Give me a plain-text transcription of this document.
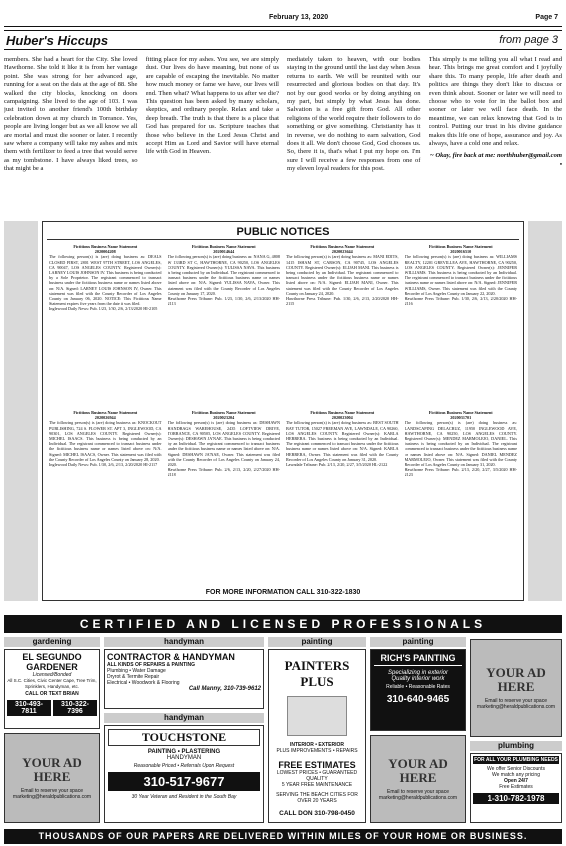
February 13, 2020	Page 7
Huber's Hiccups	from page 3
members. She had a heart for the City. She loved Hawthorne. She told it like it is from her vantage point. She was strong for her advanced age, running for a seat on the dais at the age of 88. She walked the city blocks, knocking on doors campaigning. She lived to the age of 103. I was just invited to another friend's 100th birthday celebration down at my church in Torrance. Yes, people are living longer but as we all know we all are mortal and must die sooner or later. I recently saw where a company will take my ashes and mix them with fertilizer to feed a tree that would serve as my tombstone. I have always liked trees, so that might be a
fitting place for my ashes. You see, we are simply dust. Our lives do have meaning, but none of us are capable of escaping the inevitable. No matter how much money or fame we have, our lives will end. Then what? What happens to us after we die? This question has been asked by many scholars, skeptics, and ordinary people. Relax and take a deep breath. The truth is that there is a place that God has prepared for us. Scripture teaches that those who believe in the Lord Jesus Christ and accept Him as Lord and Savior will have eternal life with God in Heaven.
mediately taken to heaven, with our bodies staying in the ground until the last day when Jesus returns to earth. We will be reunited with our resurrected and glorious bodies on that day. It's not by our good works or by doing anything on my part, but simply by what Jesus has done. Salvation is a free gift from God. All other religions of the world require their followers to do something or give something. Christianity has it in reverse, we do nothing to earn salvation, God does it all. We don't choose God, God chooses us. So, there it is, that's what I put my hope on. I'm sure I will receive a few responses from one of my eleven loyal readers for this post.
This simply is me telling you all what I read and hear. This brings me great comfort and I joyfully share this. To many people, life after death and politics are things they don't like to discuss or even think about. Sooner or later we will need to choose who to vote for in the ballot box and sooner or later we will face death. In the meantime, we can relax knowing that God is in control. Putting our trust in his divine guidance makes this life one of hope, assurance and joy. As always, have a cold one and relax.
~ Okay, fire back at me: northhuber@gmail.com •
PUBLIC NOTICES
Fictitious Business Name Statement
2020004208
The following person(s) is (are) doing business as: DEALS CLOSED FIRST, 2801 WEST 97TH STREET, LOS ANGELES, CA 90047, LOS ANGELES COUNTY. Registered Owner(s): LARNEY LOUIS JOHNSON IV. This business is being conducted by a Sole Proprietor. The registrant commenced to transact business under the fictitious business name or names listed above on: N/A. Signed: LARNEY LOUIS JOHNSON IV, Owner. This statement was filed with the County Recorder of Los Angeles County on January 06, 2020. NOTICE: This Fictitious Name Statement expires five years from the date it was filed.
Inglewood Daily News: Pub. 1/23, 1/30, 2/6, 2/13/2020 HI-2105
Fictitious Business Name Statement
2020014644
The following person(s) is (are) doing business as: NANA G, 4808 W 133RD ST C, HAWTHORNE, CA 90250, LOS ANGELES COUNTY. Registered Owner(s): YULISSA NAVA. This business is being conducted by an Individual. The registrant commenced to transact business under the fictitious business name or names listed above on: N/A. Signed: YULISSA NAVA, Owner. This statement was filed with the County Recorder of Los Angeles County on January 17, 2020.
Hawthorne Press Tribune: Pub. 1/23, 1/30, 2/6, 2/13/2020 HH-2113
Fictitious Business Name Statement
2020023644
The following person(s) is (are) doing business as: MANI EDITS, 1415 ISHAM ST, CARSON, CA 90745, LOS ANGELES COUNTY. Registered Owner(s): ELIJAH MANI. This business is being conducted by an Individual. The registrant commenced to transact business under the fictitious business name or names listed above on: N/A. Signed: ELIJAH MANI, Owner. This statement was filed with the County Recorder of Los Angeles County on January 24, 2020.
Hawthorne Press Tribune: Pub. 1/30, 2/6, 2/13, 2/20/2020 HH-2115
Fictitious Business Name Statement
2020016510
The following person(s) is (are) doing business as: WILLIAMS REALTY, 12201 GREVILLEA AVE, HAWTHORNE, CA 90250, LOS ANGELES COUNTY. Registered Owner(s): JENNIFER WILLIAMS. This business is being conducted by an Individual. The registrant commenced to transact business under the fictitious business name or names listed above on: N/A. Signed: JENNIFER WILLIAMS, Owner. This statement was filed with the County Recorder of Los Angeles County on January 22, 2020.
Hawthorne Press Tribune: Pub. 1/30, 2/6, 2/13, 2/20/2020 HH-2116
Fictitious Business Name Statement
2020026944
The following person(s) is (are) doing business as: KNOCKOUT PUBLISHING, 724 S. FLOWER ST. APT 3, INGLEWOOD, CA 90301, LOS ANGELES COUNTY. Registered Owner(s): MICHEL ISAACS. This business is being conducted by an Individual. The registrant commenced to transact business under the fictitious business name or names listed above on: N/A. Signed: MICHEL ISAACS, Owner. This statement was filed with the County Recorder of Los Angeles County on January 28, 2020.
Inglewood Daily News: Pub. 1/30, 2/6, 2/13, 2/20/2020 HI-2117
Fictitious Business Name Statement
2020023204
The following person(s) is (are) doing business as: DESHAWN HANDBAGS WAREHOUSE, 2435 LOFTVIEW DRIVE, TORRANCE, CA 90505, LOS ANGELES COUNTY. Registered Owner(s): DESHAWN JA'NAE. This business is being conducted by an Individual. The registrant commenced to transact business under the fictitious business name or names listed above on: N/A. Signed: DESHAWN JA'NAE, Owner. This statement was filed with the County Recorder of Los Angeles County on January 24, 2020.
Hawthorne Press Tribune: Pub. 2/6, 2/13, 2/20, 2/27/2020 HH-2118
Fictitious Business Name Statement
2020023004
The following person(s) is (are) doing business as: BEST SOUTH BAY TUTOR, 15027 FREEMAN AVE, LAWNDALE, CA 90260, LOS ANGELES COUNTY. Registered Owner(s): KARLA HERRERA. This business is being conducted by an Individual. The registrant commenced to transact business under the fictitious business name or names listed above on: N/A. Signed: KARLA HERRERA, Owner. This statement was filed with the County Recorder of Los Angeles County on January 31, 2020.
Lawndale Tribune: Pub. 2/13, 2/20, 2/27, 3/5/2020 HL-2122
Fictitious Business Name Statement
2020031701
The following person(s) is (are) doing business as: LANDSCAPING DELACRUZ, 11950 INGLEWOOD AVE, HAWTHORNE, CA 90250, LOS ANGELES COUNTY. Registered Owner(s): MENDEZ MARMOLEJO, DANIEL. This business is being conducted by an Individual. The registrant commenced to transact business under the fictitious business name or names listed above on: N/A. Signed: DANIEL MENDEZ MARMOLEJO, Owner. This statement was filed with the County Recorder of Los Angeles County on January 31, 2020.
Hawthorne Press Tribune: Pub. 2/13, 2/20, 2/27, 3/5/2020 HH-2123
FOR MORE INFORMATION CALL 310-322-1830
CERTIFIED AND LICENSED PROFESSIONALS
gardening	handyman	painting	painting
EL SEGUNDO GARDENER
Licensed/Bonded
All S.C. Cities, Civic Center Cape, Tree Trim, Sprinklers, Handyman, etc.
CALL OR TEXT BRIAN
310-493-7811
310-322-7396
CONTRACTOR & HANDYMAN
ALL KINDS OF REPAIRS & PAINTING
Plumbing • Water Damage
Dryrot & Termite Repair
Electrical • Woodwork & Flooring
Call Manny, 310-739-9612
PAINTERS PLUS
INTERIOR • EXTERIOR
PLUS IMPROVEMENTS • REPAIRS
FREE ESTIMATES
LOWEST PRICES • GUARANTEED QUALITY
5 YEAR FREE MAINTENANCE
SERVING THE BEACH CITIES FOR OVER 20 YEARS
CALL DON 310-798-0450
RICH'S PAINTING
Specializing in exterior
Quality interior work
Reliable • Reasonable Rates
310-640-9465
YOUR AD HERE
Email to reserve your space marketing@heraldpublications.com
YOUR AD HERE
Email to reserve your space marketing@heraldpublications.com
handyman
TOUCHSTONE
PAINTING • PLASTERING
HANDYMAN
Reasonable Priced • Referrals Upon Request
310-517-9677
30 Year Veteran and Resident in the South Bay
YOUR AD HERE
Email to reserve your space marketing@heraldpublications.com
plumbing
FOR ALL YOUR PLUMBING NEEDS
We offer Senior Discounts
We match any pricing
Open 24/7
Free Estimates
1-310-782-1978
THOUSANDS OF OUR PAPERS ARE DELIVERED WITHIN MILES OF YOUR HOME OR BUSINESS.
